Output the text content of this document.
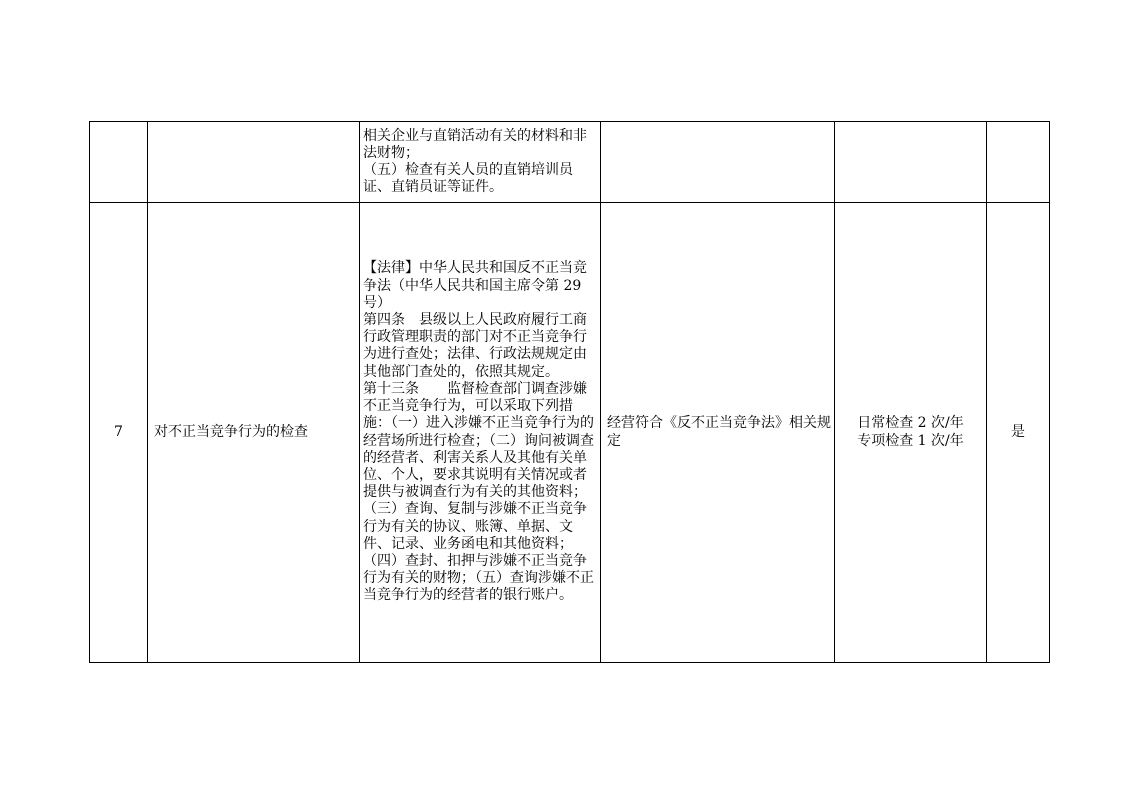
		相关企业与直销活动有关的材料和非法财物；
（五）检查有关人员的直销培训员证、直销员证等证件。			

7	对不正当竞争行为的检查	【法律】中华人民共和国反不正当竞争法（中华人民共和国主席令第 29 号）
第四条　县级以上人民政府履行工商行政管理职责的部门对不正当竞争行为进行查处；法律、行政法规规定由其他部门查处的，依照其规定。
第十三条　　监督检查部门调查涉嫌不正当竞争行为，可以采取下列措施：（一）进入涉嫌不正当竞争行为的经营场所进行检查；（二）询问被调查的经营者、利害关系人及其他有关单位、个人，要求其说明有关情况或者提供与被调查行为有关的其他资料；（三）查询、复制与涉嫌不正当竞争行为有关的协议、账簿、单据、文件、记录、业务函电和其他资料；（四）查封、扣押与涉嫌不正当竞争行为有关的财物；（五）查询涉嫌不正当竞争行为的经营者的银行账户。	经营符合《反不正当竞争法》相关规定	日常检查 2 次/年
专项检查 1 次/年	是
